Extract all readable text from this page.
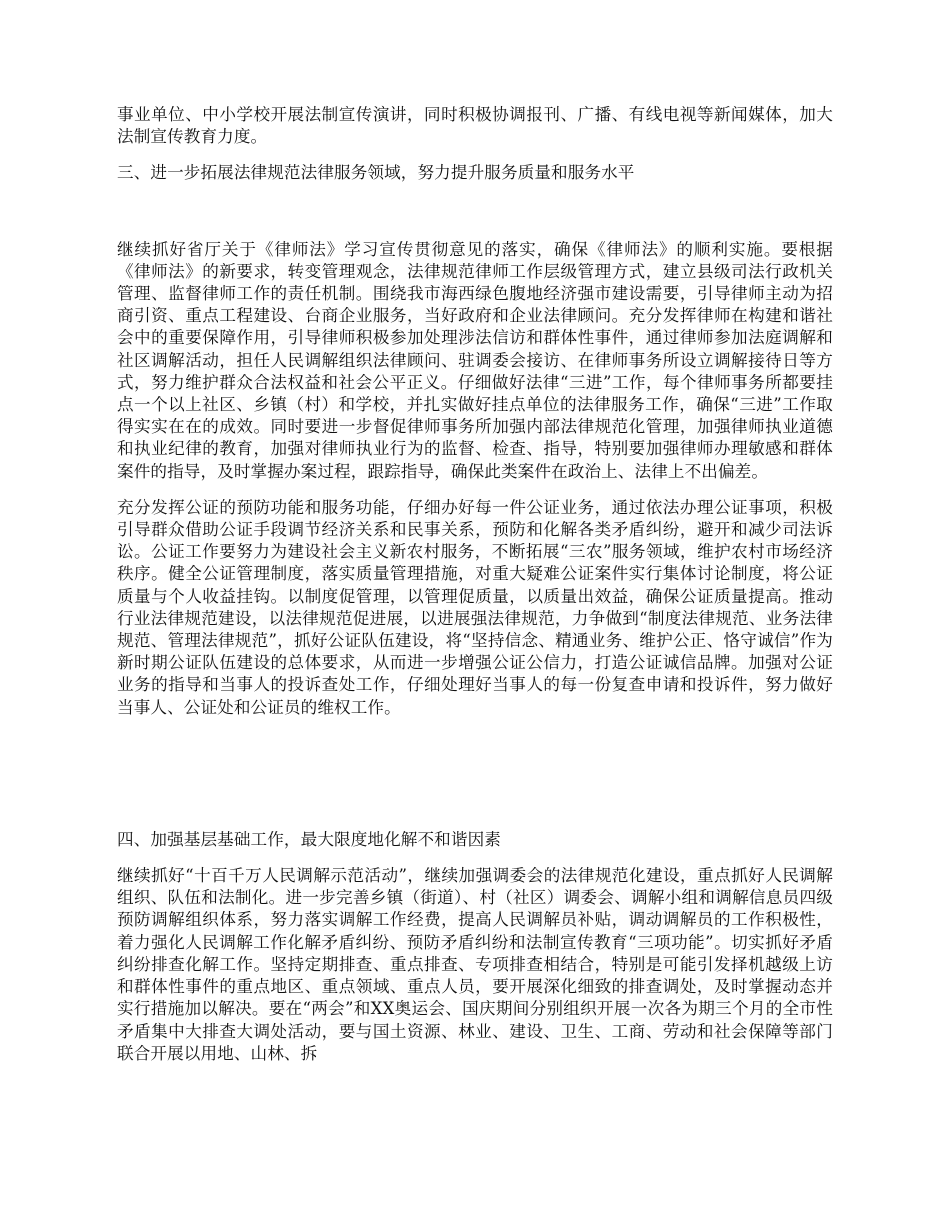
事业单位、中小学校开展法制宣传演讲，同时积极协调报刊、广播、有线电视等新闻媒体，加大法制宣传教育力度。

三、进一步拓展法律规范法律服务领域，努力提升服务质量和服务水平

继续抓好省厅关于《律师法》学习宣传贯彻意见的落实，确保《律师法》的顺利实施。要根据《律师法》的新要求，转变管理观念，法律规范律师工作层级管理方式，建立县级司法行政机关管理、监督律师工作的责任机制。围绕我市海西绿色腹地经济强市建设需要，引导律师主动为招商引资、重点工程建设、台商企业服务，当好政府和企业法律顾问。充分发挥律师在构建和谐社会中的重要保障作用，引导律师积极参加处理涉法信访和群体性事件，通过律师参加法庭调解和社区调解活动，担任人民调解组织法律顾问、驻调委会接访、在律师事务所设立调解接待日等方式，努力维护群众合法权益和社会公平正义。仔细做好法律“三进”工作，每个律师事务所都要挂点一个以上社区、乡镇（村）和学校，并扎实做好挂点单位的法律服务工作，确保“三进”工作取得实实在在的成效。同时要进一步督促律师事务所加强内部法律规范化管理，加强律师执业道德和执业纪律的教育，加强对律师执业行为的监督、检查、指导，特别要加强律师办理敏感和群体案件的指导，及时掌握办案过程，跟踪指导，确保此类案件在政治上、法律上不出偏差。

充分发挥公证的预防功能和服务功能，仔细办好每一件公证业务，通过依法办理公证事项，积极引导群众借助公证手段调节经济关系和民事关系，预防和化解各类矛盾纠纷，避开和减少司法诉讼。公证工作要努力为建设社会主义新农村服务，不断拓展“三农”服务领域，维护农村市场经济秩序。健全公证管理制度，落实质量管理措施，对重大疑难公证案件实行集体讨论制度，将公证质量与个人收益挂钩。以制度促管理，以管理促质量，以质量出效益，确保公证质量提高。推动行业法律规范建设，以法律规范促进展，以进展强法律规范，力争做到“制度法律规范、业务法律规范、管理法律规范”，抓好公证队伍建设，将“坚持信念、精通业务、维护公正、恪守诚信”作为新时期公证队伍建设的总体要求，从而进一步增强公证公信力，打造公证诚信品牌。加强对公证业务的指导和当事人的投诉查处工作，仔细处理好当事人的每一份复查申请和投诉件，努力做好当事人、公证处和公证员的维权工作。

四、加强基层基础工作，最大限度地化解不和谐因素

继续抓好“十百千万人民调解示范活动”，继续加强调委会的法律规范化建设，重点抓好人民调解组织、队伍和法制化。进一步完善乡镇（街道）、村（社区）调委会、调解小组和调解信息员四级预防调解组织体系，努力落实调解工作经费，提高人民调解员补贴，调动调解员的工作积极性，着力强化人民调解工作化解矛盾纠纷、预防矛盾纠纷和法制宣传教育“三项功能”。切实抓好矛盾纠纷排查化解工作。坚持定期排查、重点排查、专项排查相结合，特别是可能引发择机越级上访和群体性事件的重点地区、重点领域、重点人员，要开展深化细致的排查调处，及时掌握动态并实行措施加以解决。要在“两会”和XX奥运会、国庆期间分别组织开展一次各为期三个月的全市性矛盾集中大排查大调处活动，要与国土资源、林业、建设、卫生、工商、劳动和社会保障等部门联合开展以用地、山林、拆
